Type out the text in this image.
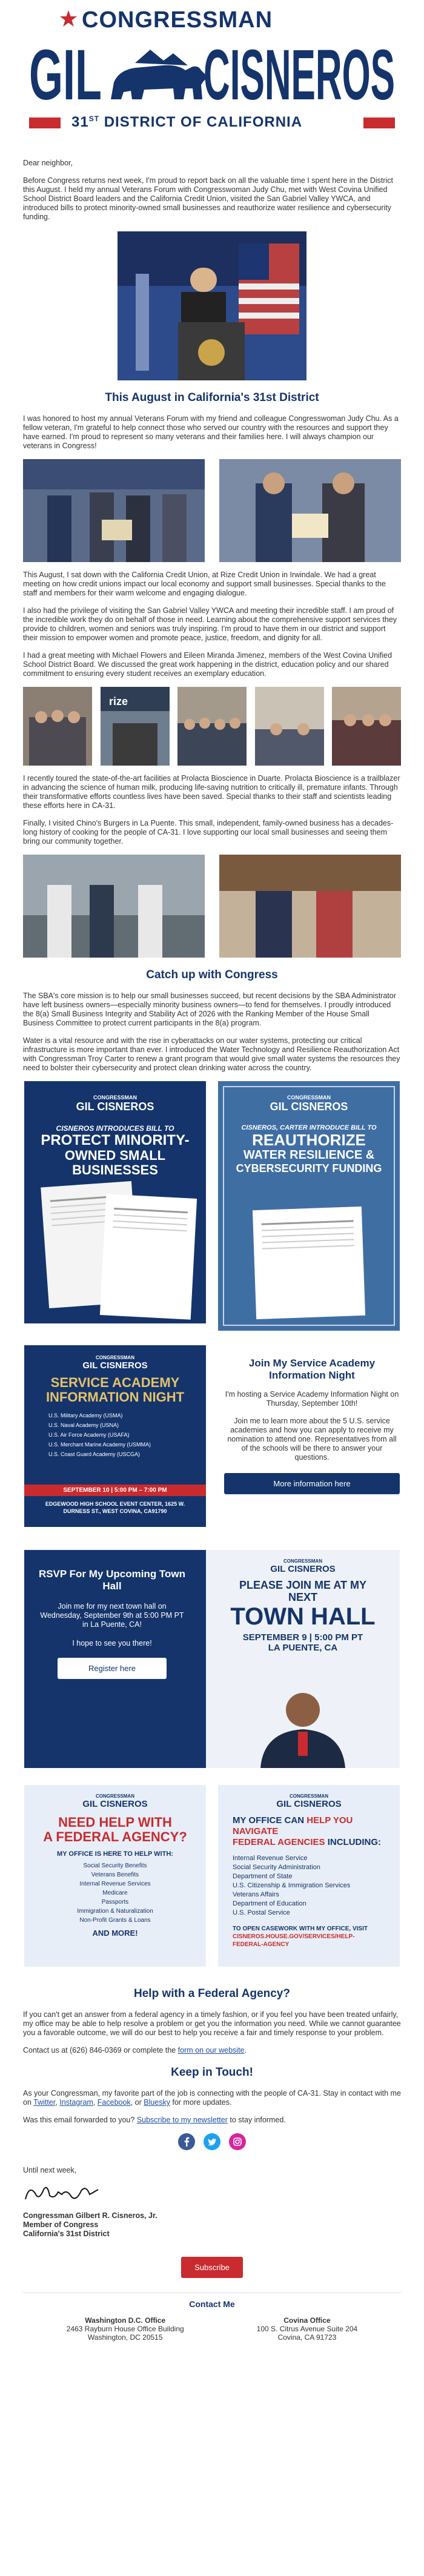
CONGRESSMAN
GIL CISNEROS
31ST DISTRICT OF CALIFORNIA

Dear neighbor,

Before Congress returns next week, I'm proud to report back on all the valuable time I spent here in the District this August. I held my annual Veterans Forum with Congresswoman Judy Chu, met with West Covina Unified School District Board leaders and the California Credit Union, visited the San Gabriel Valley YWCA, and introduced bills to protect minority-owned small businesses and reauthorize water resilience and cybersecurity funding.

This August in California's 31st District

I was honored to host my annual Veterans Forum with my friend and colleague Congresswoman Judy Chu. As a fellow veteran, I'm grateful to help connect those who served our country with the resources and support they have earned. I'm proud to represent so many veterans and their families here. I will always champion our veterans in Congress!

This August, I sat down with the California Credit Union, at Rize Credit Union in Irwindale. We had a great meeting on how credit unions impact our local economy and support small businesses. Special thanks to the staff and members for their warm welcome and engaging dialogue.

I also had the privilege of visiting the San Gabriel Valley YWCA and meeting their incredible staff. I am proud of the incredible work they do on behalf of those in need. Learning about the comprehensive support services they provide to children, women and seniors was truly inspiring. I'm proud to have them in our district and support their mission to empower women and promote peace, justice, freedom, and dignity for all.

I had a great meeting with Michael Flowers and Eileen Miranda Jimenez, members of the West Covina Unified School District Board. We discussed the great work happening in the district, education policy and our shared commitment to ensuring every student receives an exemplary education.

rize

I recently toured the state-of-the-art facilities at Prolacta Bioscience in Duarte. Prolacta Bioscience is a trailblazer in advancing the science of human milk, producing life-saving nutrition to critically ill, premature infants. Through their transformative efforts countless lives have been saved. Special thanks to their staff and scientists leading these efforts here in CA-31.

Finally, I visited Chino's Burgers in La Puente. This small, independent, family-owned business has a decades-long history of cooking for the people of CA-31. I love supporting our local small businesses and seeing them bring our community together.

Catch up with Congress

The SBA's core mission is to help our small businesses succeed, but recent decisions by the SBA Administrator have left business owners—especially minority business owners—to fend for themselves. I proudly introduced the 8(a) Small Business Integrity and Stability Act of 2026 with the Ranking Member of the House Small Business Committee to protect current participants in the 8(a) program.

Water is a vital resource and with the rise in cyberattacks on our water systems, protecting our critical infrastructure is more important than ever. I introduced the Water Technology and Resilience Reauthorization Act with Congressman Troy Carter to renew a grant program that would give small water systems the resources they need to bolster their cybersecurity and protect clean drinking water across the country.

CONGRESSMAN
GIL CISNEROS
CISNEROS INTRODUCES BILL TO
PROTECT MINORITY-
OWNED SMALL BUSINESSES
CONGRESSMAN
GIL CISNEROS
CISNEROS, CARTER INTRODUCE BILL TO
REAUTHORIZE
WATER RESILIENCE &
CYBERSECURITY FUNDING
CONGRESSMAN
GIL CISNEROS
SERVICE ACADEMY
INFORMATION NIGHT
U.S. Military Academy (USMA)
U.S. Naval Academy (USNA)
U.S. Air Force Academy (USAFA)
U.S. Merchant Marine Academy (USMMA)
U.S. Coast Guard Academy (USCGA)
SEPTEMBER 10 | 5:00 PM – 7:00 PM
EDGEWOOD HIGH SCHOOL EVENT CENTER, 1625 W.
DURNESS ST., WEST COVINA, CA91790
Join My Service Academy
Information Night
I'm hosting a Service Academy Information Night on Thursday, September 10th!
Join me to learn more about the 5 U.S. service academies and how you can apply to receive my nomination to attend one. Representatives from all of the schools will be there to answer your questions.
More information here
RSVP For My Upcoming Town
Hall
Join me for my next town hall on Wednesday, September 9th at 5:00 PM PT in La Puente, CA!
I hope to see you there!
Register here
CONGRESSMAN
GIL CISNEROS
PLEASE JOIN ME AT MY
NEXT
TOWN HALL
SEPTEMBER 9 | 5:00 PM PT
LA PUENTE, CA
CONGRESSMAN
GIL CISNEROS
NEED HELP WITH
A FEDERAL AGENCY?
MY OFFICE IS HERE TO HELP WITH:
Social Security Benefits
Veterans Benefits
Internal Revenue Services
Medicare
Passports
Immigration & Naturalization
Non-Profit Grants & Loans
AND MORE!
CONGRESSMAN
GIL CISNEROS
MY OFFICE CAN HELP YOU NAVIGATE
FEDERAL AGENCIES INCLUDING:
Internal Revenue Service
Social Security Administration
Department of State
U.S. Citizenship & Immigration Services
Veterans Affairs
Department of Education
U.S. Postal Service
TO OPEN CASEWORK WITH MY OFFICE, VISIT
CISNEROS.HOUSE.GOV/SERVICES/HELP-
FEDERAL-AGENCY
Help with a Federal Agency?

If you can't get an answer from a federal agency in a timely fashion, or if you feel you have been treated unfairly, my office may be able to help resolve a problem or get you the information you need. While we cannot guarantee you a favorable outcome, we will do our best to help you receive a fair and timely response to your problem.

Contact us at (626) 846-0369 or complete the form on our website.

Keep in Touch!

As your Congressman, my favorite part of the job is connecting with the people of CA-31. Stay in contact with me on Twitter, Instagram, Facebook, or Bluesky for more updates.

Was this email forwarded to you? Subscribe to my newsletter to stay informed.

Until next week,

Congressman Gilbert R. Cisneros, Jr.
Member of Congress
California's 31st District
Subscribe
Contact Me
Washington D.C. Office
2463 Rayburn House Office Building
Washington, DC 20515
Covina Office
100 S. Citrus Avenue Suite 204
Covina, CA 91723
